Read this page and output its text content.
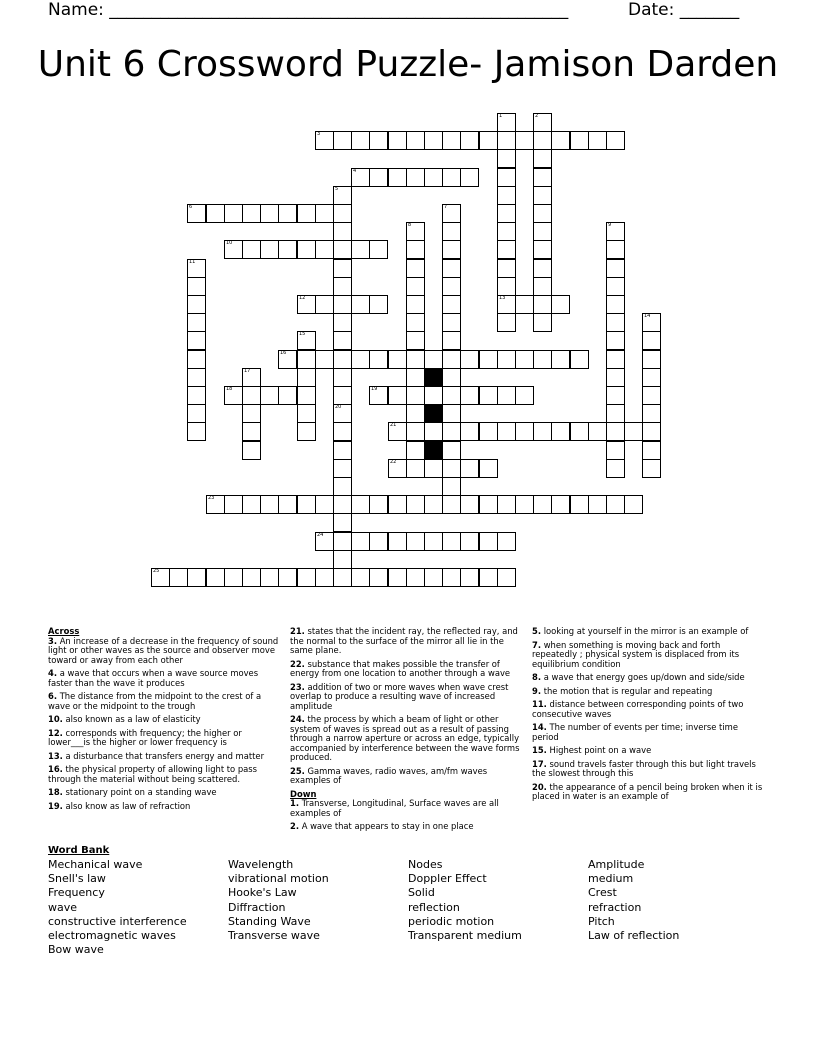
Name: ______________________________________________________	Date: _______
Unit 6 Crossword Puzzle- Jamison Darden
1
13
2
3
4
5
20
6	7
8	9
10
11
12
14
15
16
17
18	19
21
22
23
24
25
Across
3. An increase of a decrease in the frequency of sound light or other waves as the source and observer move toward or away from each other
4. a wave that occurs when a wave source moves faster than the wave it produces
6. The distance from the midpoint to the crest of a wave or the midpoint to the trough
10. also known as a law of elasticity
12. corresponds with frequency; the higher or lower___is the higher or lower frequency is
13. a disturbance that transfers energy and matter
16. the physical property of allowing light to pass through the material without being scattered.
18. stationary point on a standing wave
19. also know as law of refraction
21. states that the incident ray, the reflected ray, and the normal to the surface of the mirror all lie in the same plane.
22. substance that makes possible the transfer of energy from one location to another through a wave
23. addition of two or more waves when wave crest overlap to produce a resulting wave of increased amplitude
24. the process by which a beam of light or other system of waves is spread out as a result of passing through a narrow aperture or across an edge, typically accompanied by interference between the wave forms produced.
25. Gamma waves, radio waves, am/fm waves examples of
Down
1. Transverse, Longitudinal, Surface waves are all examples of
2. A wave that appears to stay in one place
5. looking at yourself in the mirror is an example of
7. when something is moving back and forth repeatedly ; physical system is displaced from its equilibrium condition
8. a wave that energy goes up/down and side/side
9. the motion that is regular and repeating
11. distance between corresponding points of two consecutive waves
14. The number of events per time; inverse time period
15. Highest point on a wave
17. sound travels faster through this but light travels the slowest through this
20. the appearance of a pencil being broken when it is placed in water is an example of
Word Bank
Mechanical wave
Snell's law
Frequency
wave
constructive interference
electromagnetic waves
Bow wave
Wavelength
vibrational motion
Hooke's Law
Diffraction
Standing Wave
Transverse wave
Nodes
Doppler Effect
Solid
reflection
periodic motion
Transparent medium
Amplitude
medium
Crest
refraction
Pitch
Law of reflection
